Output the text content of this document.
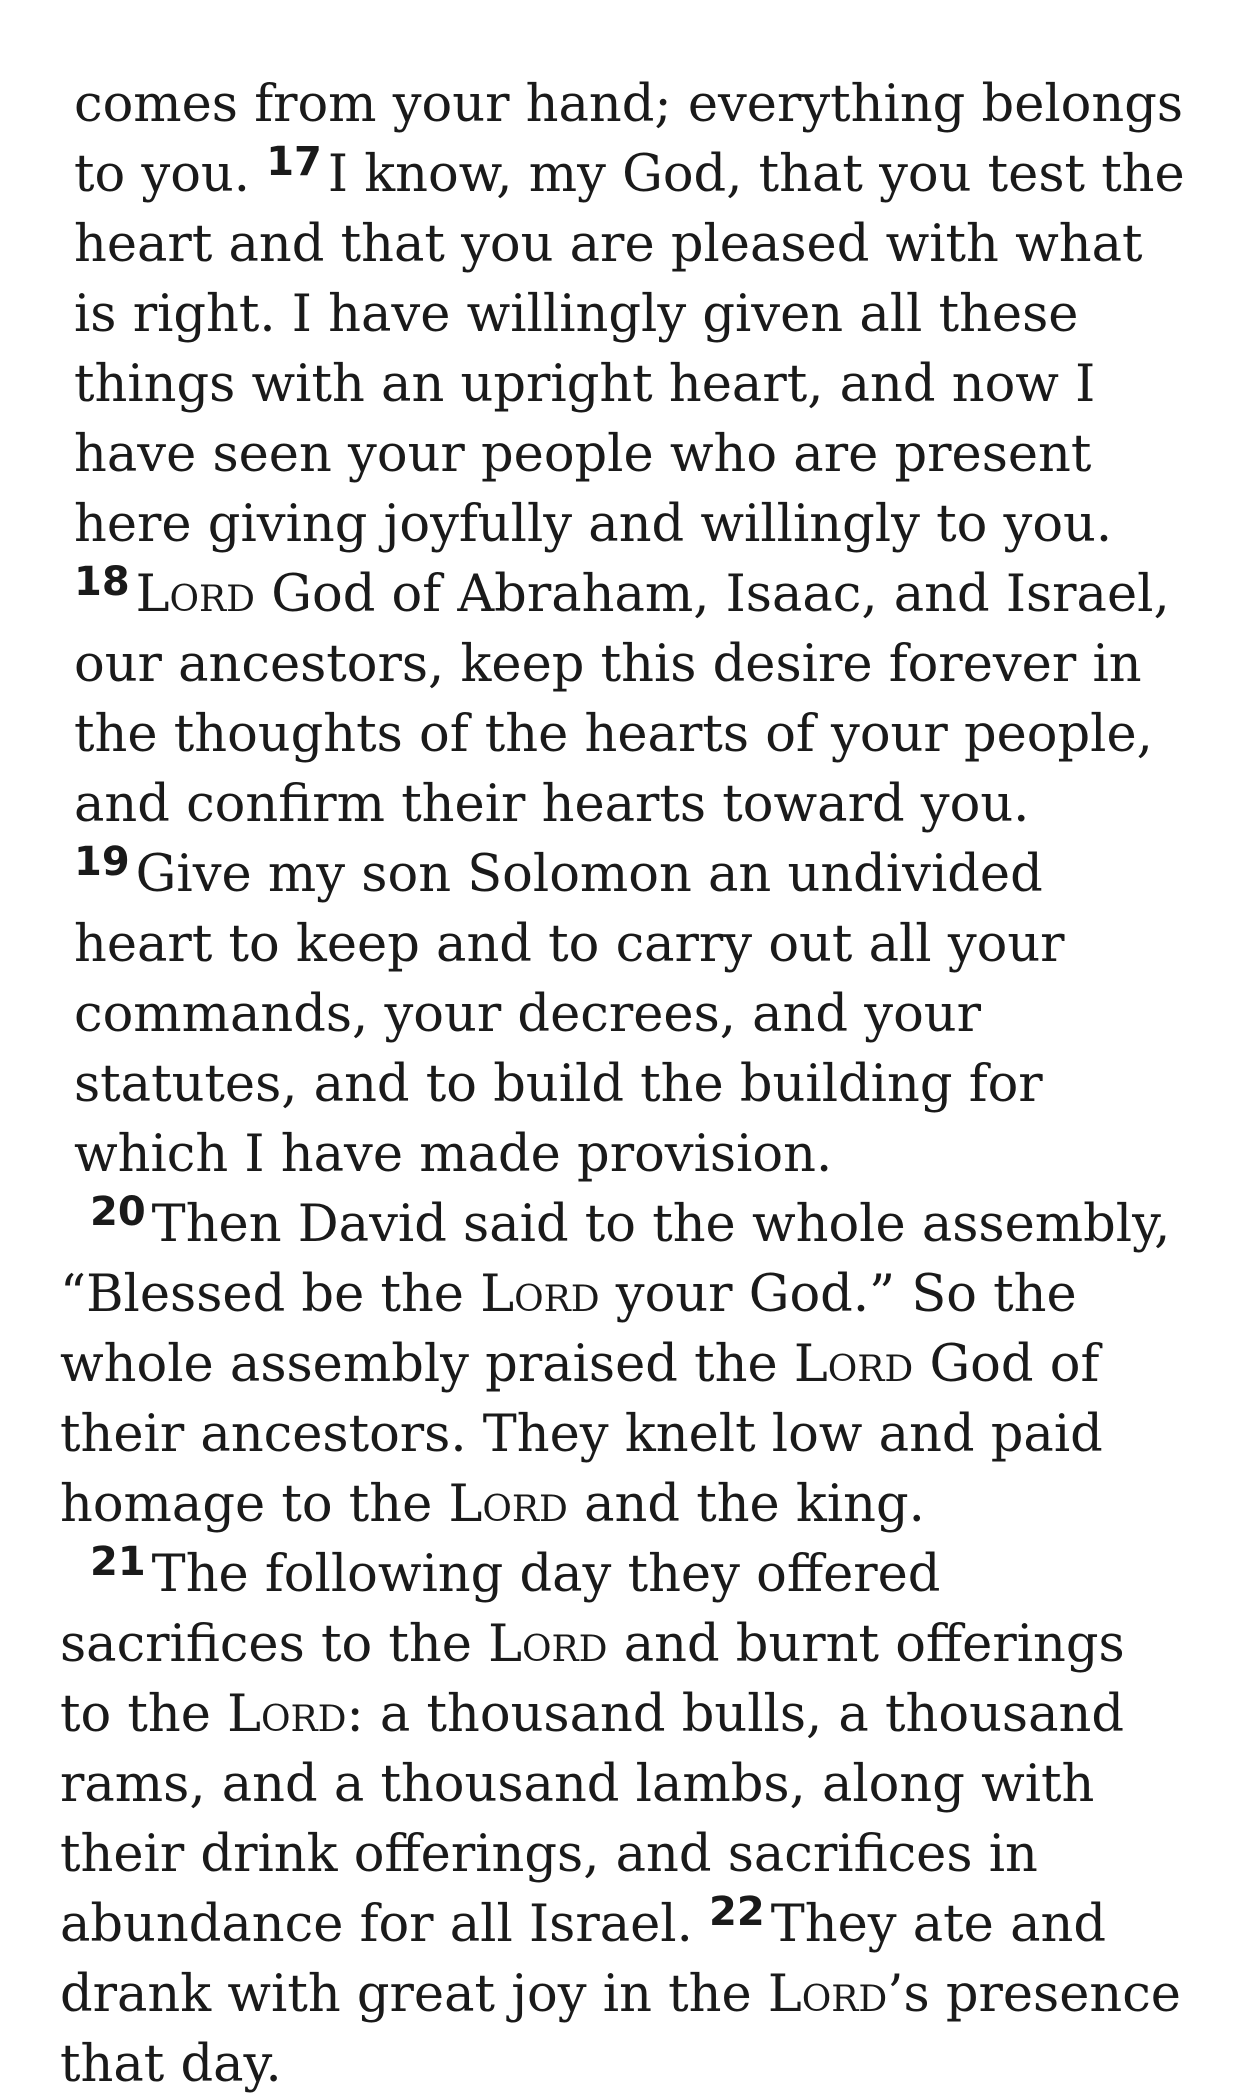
comes from your hand; everything belongs to you. $^{17}$ I know, my God, that you test the heart and that you are pleased with what is right. I have willingly given all these things with an upright heart, and now I have seen your people who are present here giving joyfully and willingly to you. $^{18}$ Lord God of Abraham, Isaac, and Israel, our ancestors, keep this desire forever in the thoughts of the hearts of your people, and confirm their hearts toward you. $^{19}$ Give my son Solomon an undivided heart to keep and to carry out all your commands, your decrees, and your statutes, and to build the building for which I have made provision.

$^{20}$ Then David said to the whole assembly, “Blessed be the Lord your God.” So the whole assembly praised the Lord God of their ancestors. They knelt low and paid homage to the Lord and the king.

$^{21}$ The following day they offered sacrifices to the Lord and burnt offerings to the Lord: a thousand bulls, a thousand rams, and a thousand lambs, along with their drink offerings, and sacrifices in abundance for all Israel. $^{22}$ They ate and drank with great joy in the Lord’s presence that day.
